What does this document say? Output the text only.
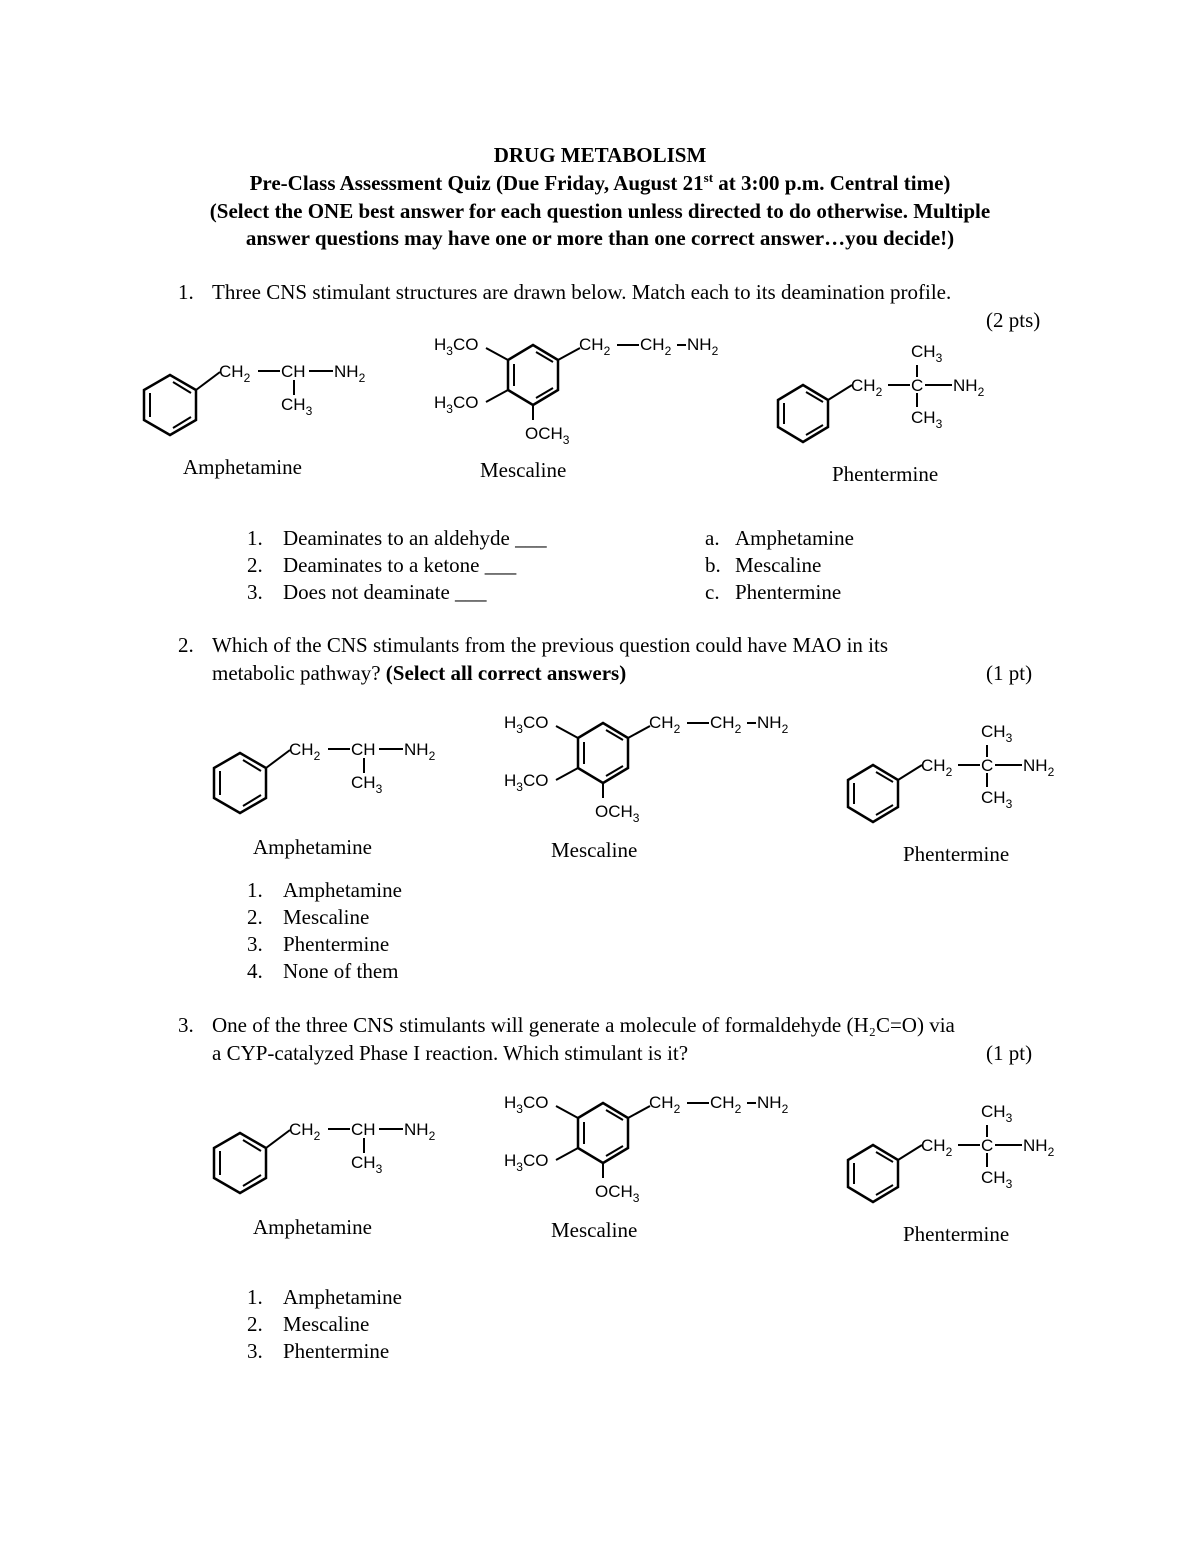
DRUG METABOLISM
Pre-Class Assessment Quiz (Due Friday, August 21st at 3:00 p.m. Central time)
(Select the ONE best answer for each question unless directed to do otherwise. Multiple
answer questions may have one or more than one correct answer…you decide!)
1. Three CNS stimulant structures are drawn below. Match each to its deamination profile.
(2 pts)
$CH_2$ CH $NH_2$
$CH_3$
Amphetamine
$H_3CO$
$H_3CO$
$OCH_3$
$CH_2$ $CH_2$ $NH_2$
Mescaline
$CH_2$ C $NH_2$
$CH_3$
$CH_3$
Phentermine
1. Deaminates to an aldehyde ___
2. Deaminates to a ketone ___
3. Does not deaminate ___
a. Amphetamine
b. Mescaline
c. Phentermine
2. Which of the CNS stimulants from the previous question could have MAO in its
metabolic pathway? (Select all correct answers)	(1 pt)
$CH_2$ CH $NH_2$
$CH_3$
Amphetamine
$H_3CO$
$H_3CO$
$OCH_3$
$CH_2$ $CH_2$ $NH_2$
Mescaline
$CH_2$ C $NH_2$
$CH_3$
$CH_3$
Phentermine
1. Amphetamine
2. Mescaline
3. Phentermine
4. None of them
3. One of the three CNS stimulants will generate a molecule of formaldehyde (H₂C=O) via
a CYP-catalyzed Phase I reaction. Which stimulant is it?	(1 pt)
$CH_2$ CH $NH_2$
$CH_3$
Amphetamine
$H_3CO$
$H_3CO$
$OCH_3$
$CH_2$ $CH_2$ $NH_2$
Mescaline
$CH_2$ C $NH_2$
$CH_3$
$CH_3$
Phentermine
1. Amphetamine
2. Mescaline
3. Phentermine
